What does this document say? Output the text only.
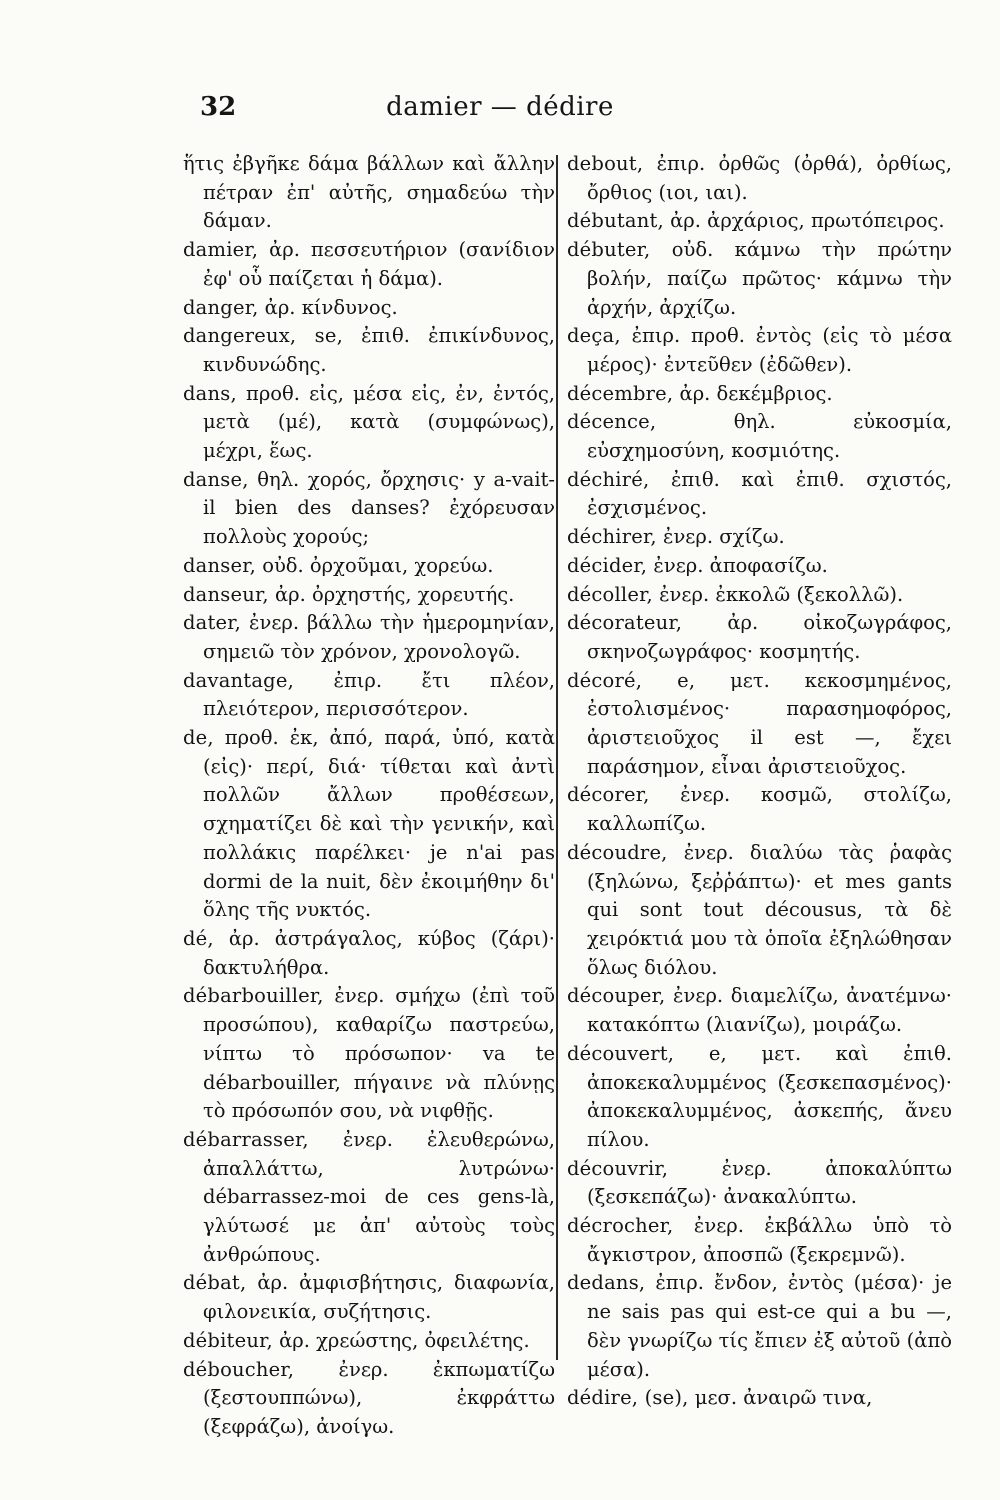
32	damier — dédire
ἥτις ἐβγῆκε δάμα βάλλων καὶ ἄλλην πέτραν ἐπ' αὐτῆς, σημαδεύω τὴν δάμαν.
damier, ἀρ. πεσσευτήριον (σανίδιον ἐφ' οὗ παίζεται ἡ δάμα).
danger, ἀρ. κίνδυνος.
dangereux, se, ἐπιθ. ἐπικίνδυνος, κινδυνώδης.
dans, προθ. εἰς, μέσα εἰς, ἐν, ἐντός, μετὰ (μέ), κατὰ (συμφώνως), μέχρι, ἕως.
danse, θηλ. χορός, ὄρχησις· y a-vait-il bien des danses? ἐχόρευσαν πολλοὺς χορούς;
danser, οὐδ. ὀρχοῦμαι, χορεύω.
danseur, ἀρ. ὀρχηστής, χορευτής.
dater, ἐνερ. βάλλω τὴν ἡμερομηνίαν, σημειῶ τὸν χρόνον, χρονολογῶ.
davantage, ἐπιρ. ἔτι πλέον, πλειότερον, περισσότερον.
de, προθ. ἐκ, ἀπό, παρά, ὑπό, κατὰ (εἰς)· περί, διά· τίθεται καὶ ἀντὶ πολλῶν ἄλλων προθέσεων, σχηματίζει δὲ καὶ τὴν γενικήν, καὶ πολλάκις παρέλκει· je n'ai pas dormi de la nuit, δὲν ἐκοιμήθην δι' ὅλης τῆς νυκτός.
dé, ἀρ. ἀστράγαλος, κύβος (ζάρι)· δακτυλήθρα.
débarbouiller, ἐνερ. σμήχω (ἐπὶ τοῦ προσώπου), καθαρίζω παστρεύω, νίπτω τὸ πρόσωπον· va te débarbouiller, πήγαινε νὰ πλύνῃς τὸ πρόσωπόν σου, νὰ νιφθῇς.
débarrasser, ἐνερ. ἐλευθερώνω, ἀπαλλάττω, λυτρώνω· débarrassez-moi de ces gens-là, γλύτωσέ με ἀπ' αὐτοὺς τοὺς ἀνθρώπους.
débat, ἀρ. ἀμφισβήτησις, διαφωνία, φιλονεικία, συζήτησις.
débiteur, ἀρ. χρεώστης, ὀφειλέτης.
déboucher, ἐνερ. ἐκπωματίζω (ξεστουππώνω), ἐκφράττω (ξεφράζω), ἀνοίγω.
debout, ἐπιρ. ὀρθῶς (ὀρθά), ὀρθίως, ὄρθιος (ιοι, ιαι).
débutant, ἀρ. ἀρχάριος, πρωτόπειρος.
débuter, οὐδ. κάμνω τὴν πρώτην βολήν, παίζω πρῶτος· κάμνω τὴν ἀρχήν, ἀρχίζω.
deça, ἐπιρ. προθ. ἐντὸς (εἰς τὸ μέσα μέρος)· ἐντεῦθεν (ἐδῶθεν).
décembre, ἀρ. δεκέμβριος.
décence,	θηλ. εὐκοσμία, εὐσχημοσύνη, κοσμιότης.
déchiré, ἐπιθ. καὶ ἐπιθ. σχιστός, ἐσχισμένος.
déchirer, ἐνερ. σχίζω.
décider, ἐνερ. ἀποφασίζω.
décoller, ἐνερ. ἐκκολῶ (ξεκολλῶ).
décorateur, ἀρ. οἰκοζωγράφος, σκηνοζωγράφος· κοσμητής.
décoré, e, μετ. κεκοσμημένος, ἐστολισμένος· παρασημοφόρος, ἀριστειοῦχος il est —, ἔχει παράσημον, εἶναι ἀριστειοῦχος.
décorer, ἐνερ. κοσμῶ, στολίζω, καλλωπίζω.
découdre, ἐνερ. διαλύω τὰς ῥαφὰς (ξηλώνω, ξεῤῥάπτω)· et mes gants qui sont tout décousus, τὰ δὲ χειρόκτιά μου τὰ ὁποῖα ἐξηλώθησαν ὅλως διόλου.
découper, ἐνερ. διαμελίζω, ἀνατέμνω· κατακόπτω (λιανίζω), μοιράζω.
découvert, e, μετ. καὶ ἐπιθ. ἀποκεκαλυμμένος (ξεσκεπασμένος)· ἀποκεκαλυμμένος, ἀσκεπής, ἄνευ πίλου.
découvrir,	ἐνερ. ἀποκαλύπτω (ξεσκεπάζω)· ἀνακαλύπτω.
décrocher, ἐνερ. ἐκβάλλω ὑπὸ τὸ ἄγκιστρον, ἀποσπῶ (ξεκρεμνῶ).
dedans, ἐπιρ. ἔνδον, ἐντὸς (μέσα)· je ne sais pas qui est-ce qui a bu —, δὲν γνωρίζω τίς ἔπιεν ἐξ αὐτοῦ (ἀπὸ μέσα).
dédire, (se), μεσ. ἀναιρῶ τινα,
